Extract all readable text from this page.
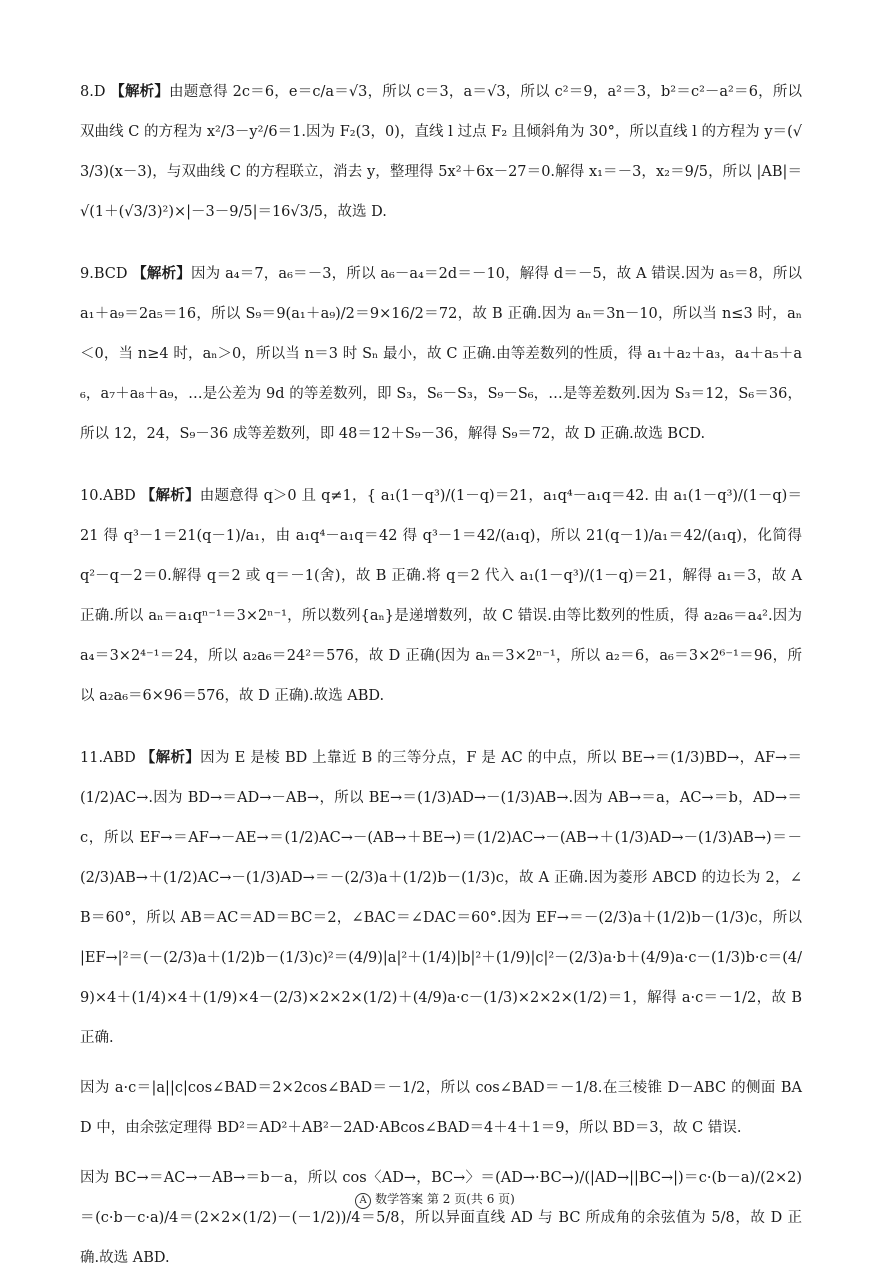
8.D 【解析】由题意得 2c＝6，e＝c/a＝√3，所以 c＝3，a＝√3，所以 c²＝9，a²＝3，b²＝c²－a²＝6，所以双曲线 C 的方程为 x²/3－y²/6＝1.因为 F₂(3，0)，直线 l 过点 F₂ 且倾斜角为 30°，所以直线 l 的方程为 y＝(√3/3)(x－3)，与双曲线 C 的方程联立，消去 y，整理得 5x²＋6x－27＝0.解得 x₁＝－3，x₂＝9/5，所以 |AB|＝√(1＋(√3/3)²)×|－3－9/5|＝16√3/5，故选 D.

9.BCD 【解析】因为 a₄＝7，a₆＝－3，所以 a₆－a₄＝2d＝－10，解得 d＝－5，故 A 错误.因为 a₅＝8，所以 a₁＋a₉＝2a₅＝16，所以 S₉＝9(a₁＋a₉)/2＝9×16/2＝72，故 B 正确.因为 aₙ＝3n－10，所以当 n≤3 时，aₙ＜0，当 n≥4 时，aₙ＞0，所以当 n＝3 时 Sₙ 最小，故 C 正确.由等差数列的性质，得 a₁＋a₂＋a₃，a₄＋a₅＋a₆，a₇＋a₈＋a₉，…是公差为 9d 的等差数列，即 S₃，S₆－S₃，S₉－S₆，…是等差数列.因为 S₃＝12，S₆＝36，所以 12，24，S₉－36 成等差数列，即 48＝12＋S₉－36，解得 S₉＝72，故 D 正确.故选 BCD.

10.ABD 【解析】由题意得 q＞0 且 q≠1，{ a₁(1－q³)/(1－q)＝21，a₁q⁴－a₁q＝42. 由 a₁(1－q³)/(1－q)＝21 得 q³－1＝21(q－1)/a₁，由 a₁q⁴－a₁q＝42 得 q³－1＝42/(a₁q)，所以 21(q－1)/a₁＝42/(a₁q)，化简得 q²－q－2＝0.解得 q＝2 或 q＝－1(舍)，故 B 正确.将 q＝2 代入 a₁(1－q³)/(1－q)＝21，解得 a₁＝3，故 A 正确.所以 aₙ＝a₁qⁿ⁻¹＝3×2ⁿ⁻¹，所以数列{aₙ}是递增数列，故 C 错误.由等比数列的性质，得 a₂a₆＝a₄².因为 a₄＝3×2⁴⁻¹＝24，所以 a₂a₆＝24²＝576，故 D 正确(因为 aₙ＝3×2ⁿ⁻¹，所以 a₂＝6，a₆＝3×2⁶⁻¹＝96，所以 a₂a₆＝6×96＝576，故 D 正确).故选 ABD.

11.ABD 【解析】因为 E 是棱 BD 上靠近 B 的三等分点，F 是 AC 的中点，所以 BE→＝(1/3)BD→，AF→＝(1/2)AC→.因为 BD→＝AD→－AB→，所以 BE→＝(1/3)AD→－(1/3)AB→.因为 AB→＝a，AC→＝b，AD→＝c，所以 EF→＝AF→－AE→＝(1/2)AC→－(AB→＋BE→)＝(1/2)AC→－(AB→＋(1/3)AD→－(1/3)AB→)＝－(2/3)AB→＋(1/2)AC→－(1/3)AD→＝－(2/3)a＋(1/2)b－(1/3)c，故 A 正确.因为菱形 ABCD 的边长为 2，∠B＝60°，所以 AB＝AC＝AD＝BC＝2，∠BAC＝∠DAC＝60°.因为 EF→＝－(2/3)a＋(1/2)b－(1/3)c，所以 |EF→|²＝(－(2/3)a＋(1/2)b－(1/3)c)²＝(4/9)|a|²＋(1/4)|b|²＋(1/9)|c|²－(2/3)a·b＋(4/9)a·c－(1/3)b·c＝(4/9)×4＋(1/4)×4＋(1/9)×4－(2/3)×2×2×(1/2)＋(4/9)a·c－(1/3)×2×2×(1/2)＝1，解得 a·c＝－1/2，故 B 正确.

因为 a·c＝|a||c|cos∠BAD＝2×2cos∠BAD＝－1/2，所以 cos∠BAD＝－1/8.在三棱锥 D－ABC 的侧面 BAD 中，由余弦定理得 BD²＝AD²＋AB²－2AD·ABcos∠BAD＝4＋4＋1＝9，所以 BD＝3，故 C 错误.

因为 BC→＝AC→－AB→＝b－a，所以 cos〈AD→，BC→〉＝(AD→·BC→)/(|AD→||BC→|)＝c·(b－a)/(2×2)＝(c·b－c·a)/4＝(2×2×(1/2)－(－1/2))/4＝5/8，所以异面直线 AD 与 BC 所成角的余弦值为 5/8，故 D 正确.故选 ABD.

A 数学答案 第 2 页(共 6 页)
